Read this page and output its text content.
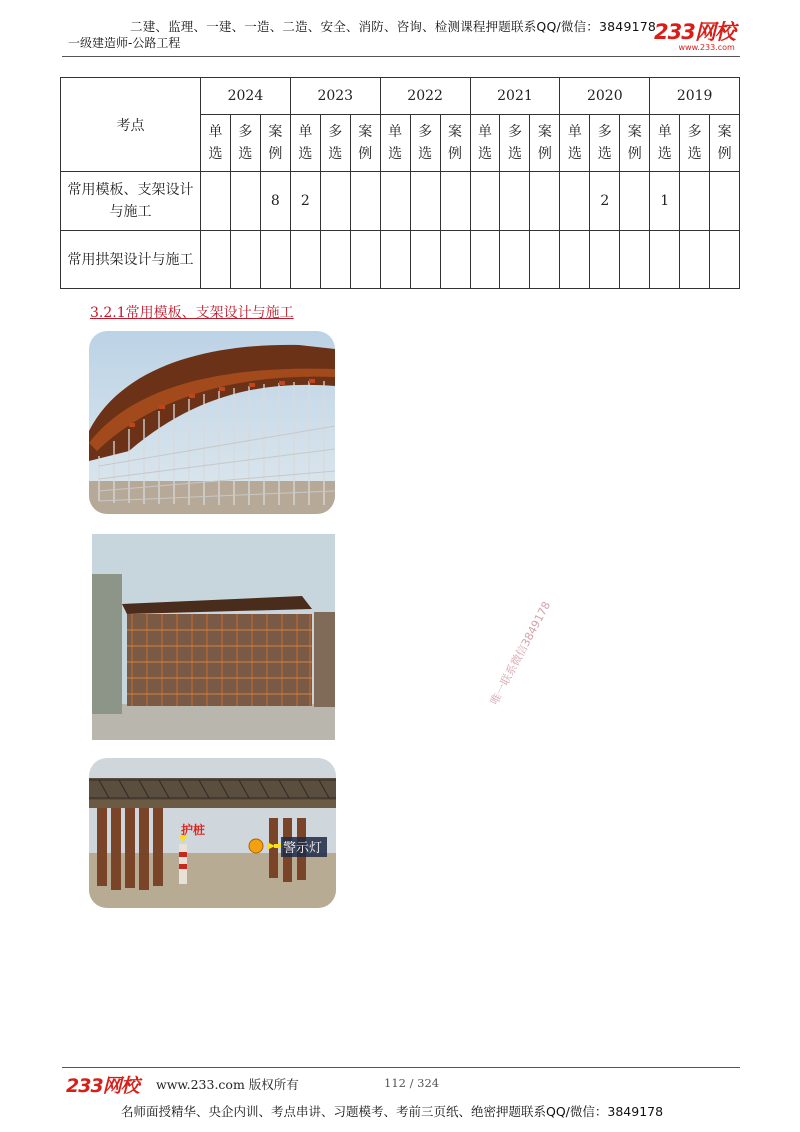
二建、监理、一建、一造、二造、安全、消防、咨询、检测课程押题联系QQ/微信：3849178
一级建造师-公路工程	233网校
www.233.com
考点	2024			2023			2022			2021			2020			2019		

	单选	多选	案例	单选	多选	案例	单选	多选	案例	单选	多选	案例	单选	多选	案例	单选	多选	案例

常用模板、支架设计与施工			8	2										2		1		
常用拱架设计与施工																		
3.2.1常用模板、支架设计与施工
护桩
警示灯
唯一联系微信3849178
233网校 www.233.com 版权所有	112 / 324
名师面授精华、央企内训、考点串讲、习题模考、考前三页纸、绝密押题联系QQ/微信：3849178
